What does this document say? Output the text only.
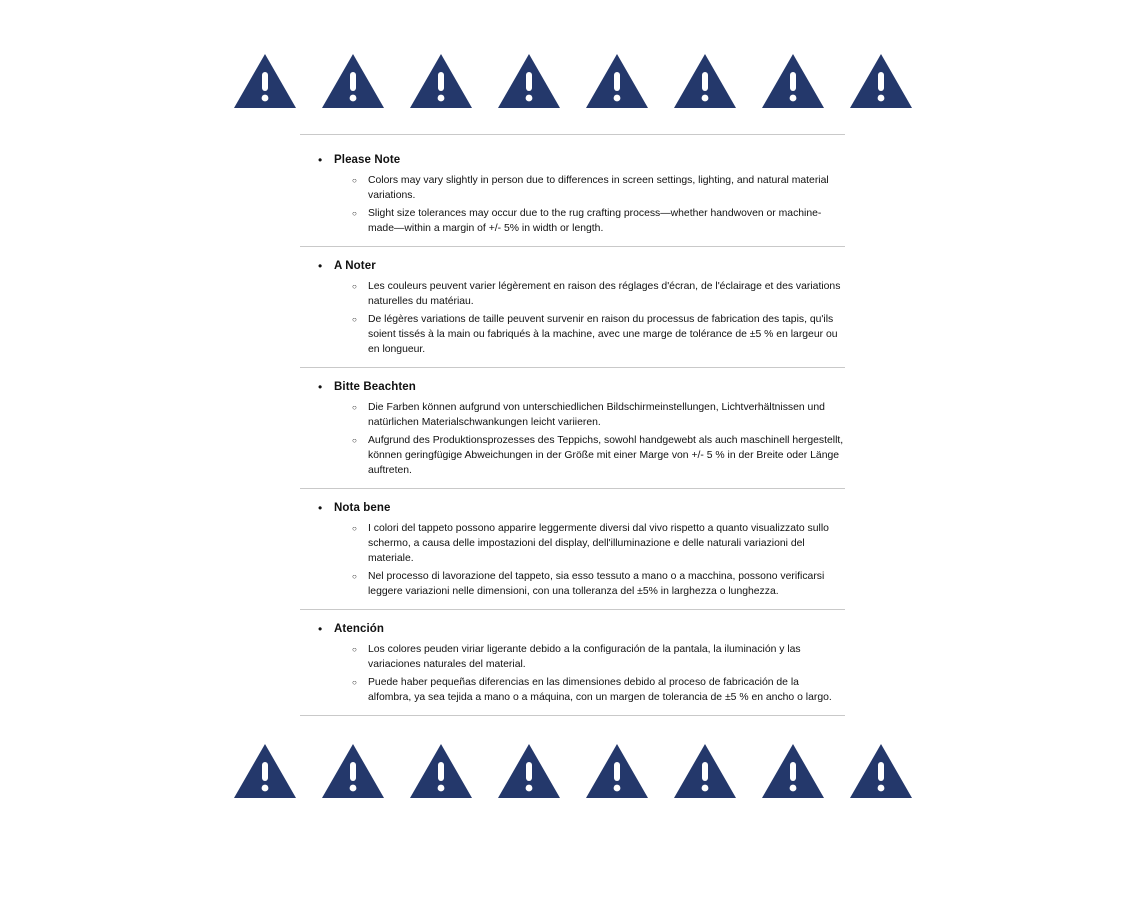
•	Please Note
○	Colors may vary slightly in person due to differences in screen settings, lighting, and natural material variations.
○	Slight size tolerances may occur due to the rug crafting process—whether handwoven or machine-made—within a margin of +/- 5% in width or length.
•	A Noter
○	Les couleurs peuvent varier légèrement en raison des réglages d'écran, de l'éclairage et des variations naturelles du matériau.
○	De légères variations de taille peuvent survenir en raison du processus de fabrication des tapis, qu'ils soient tissés à la main ou fabriqués à la machine, avec une marge de tolérance de ±5 % en largeur ou en longueur.
•	Bitte Beachten
○	Die Farben können aufgrund von unterschiedlichen Bildschirmeinstellungen, Lichtverhältnissen und natürlichen Materialschwankungen leicht variieren.
○	Aufgrund des Produktionsprozesses des Teppichs, sowohl handgewebt als auch maschinell hergestellt, können geringfügige Abweichungen in der Größe mit einer Marge von +/- 5 % in der Breite oder Länge auftreten.
•	Nota bene
○	I colori del tappeto possono apparire leggermente diversi dal vivo rispetto a quanto visualizzato sullo schermo, a causa delle impostazioni del display, dell'illuminazione e delle naturali variazioni del materiale.
○	Nel processo di lavorazione del tappeto, sia esso tessuto a mano o a macchina, possono verificarsi leggere variazioni nelle dimensioni, con una tolleranza del ±5% in larghezza o lunghezza.
•	Atención
○	Los colores peuden viriar ligerante debido a la configuración de la pantala, la iluminación y las variaciones naturales del material.
○	Puede haber pequeñas diferencias en las dimensiones debido al proceso de fabricación de la alfombra, ya sea tejida a mano o a máquina, con un margen de tolerancia de ±5 % en ancho o largo.
